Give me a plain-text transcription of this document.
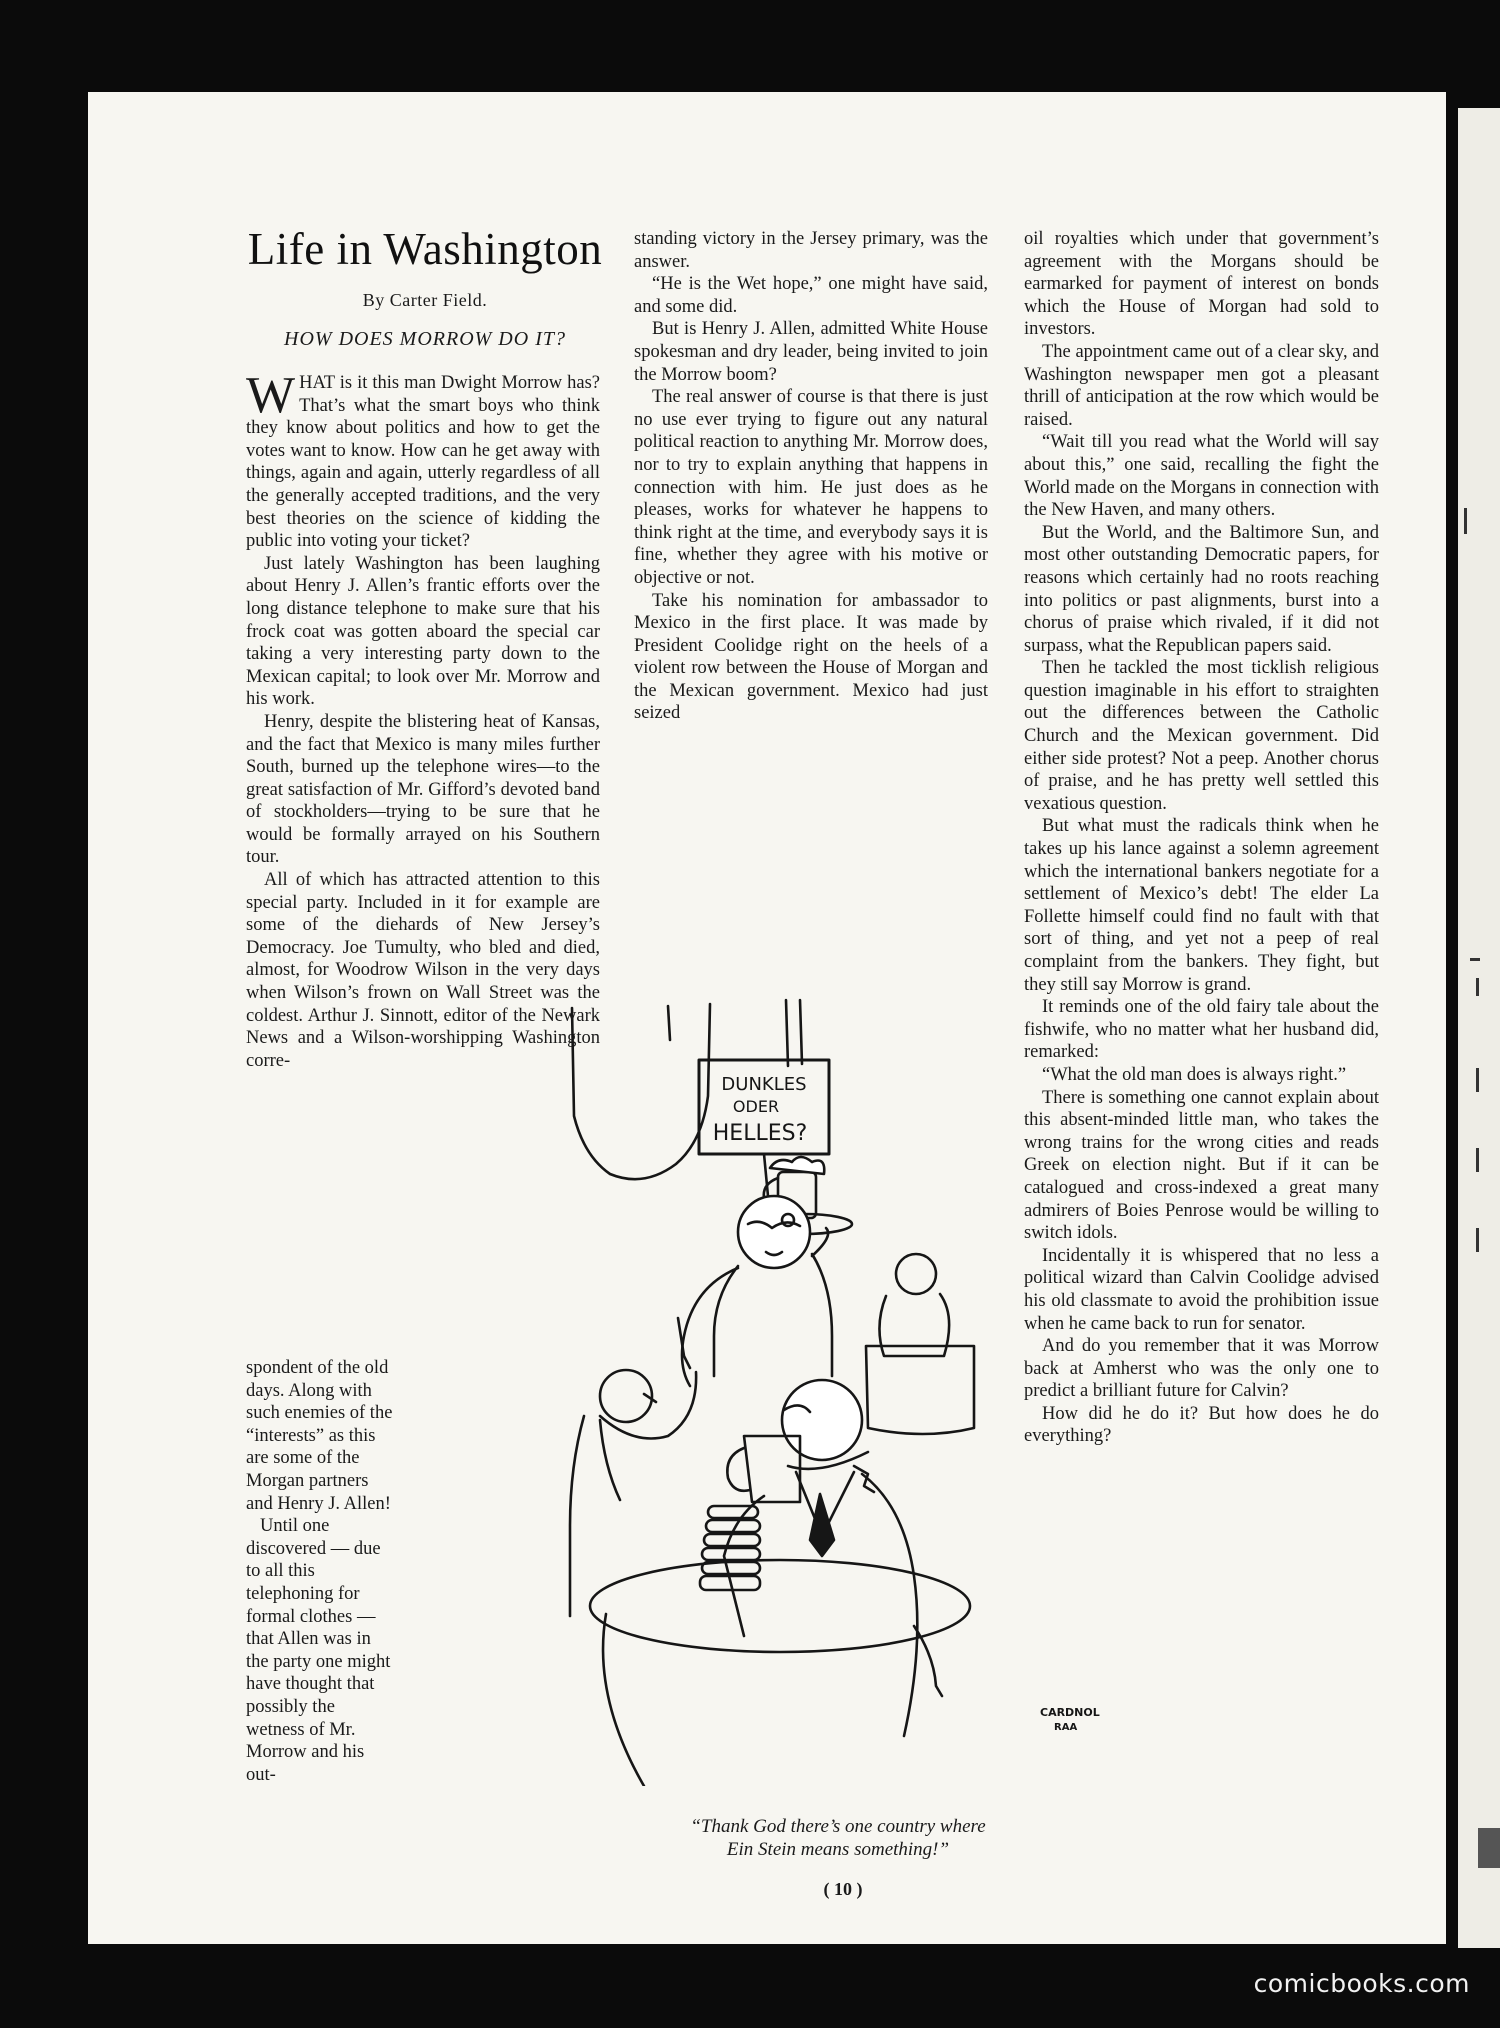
Life in Washington
By Carter Field.
HOW DOES MORROW DO IT?

WHAT is it this man Dwight Morrow has? That’s what the smart boys who think they know about politics and how to get the votes want to know. How can he get away with things, again and again, utterly regardless of all the generally accepted traditions, and the very best theories on the science of kidding the public into voting your ticket?

Just lately Washington has been laughing about Henry J. Allen’s frantic efforts over the long distance telephone to make sure that his frock coat was gotten aboard the special car taking a very interesting party down to the Mexican capital; to look over Mr. Morrow and his work.

Henry, despite the blistering heat of Kansas, and the fact that Mexico is many miles further South, burned up the telephone wires—to the great satisfaction of Mr. Gifford’s devoted band of stockholders—trying to be sure that he would be formally arrayed on his Southern tour.

All of which has attracted attention to this special party. Included in it for example are some of the diehards of New Jersey’s Democracy. Joe Tumulty, who bled and died, almost, for Woodrow Wilson in the very days when Wilson’s frown on Wall Street was the coldest. Arthur J. Sinnott, editor of the Newark News and a Wilson-worshipping Washington corre-

spondent of the old days. Along with such enemies of the “interests” as this are some of the Morgan partners and Henry J. Allen!

Until one discovered — due to all this telephoning for formal clothes —that Allen was in the party one might have thought that possibly the wetness of Mr. Morrow and his out-

standing victory in the Jersey primary, was the answer.

“He is the Wet hope,” one might have said, and some did.

But is Henry J. Allen, admitted White House spokesman and dry leader, being invited to join the Morrow boom?

The real answer of course is that there is just no use ever trying to figure out any natural political reaction to anything Mr. Morrow does, nor to try to explain anything that happens in connection with him. He just does as he pleases, works for whatever he happens to think right at the time, and everybody says it is fine, whether they agree with his motive or objective or not.

Take his nomination for ambassador to Mexico in the first place. It was made by President Coolidge right on the heels of a violent row between the House of Morgan and the Mexican government. Mexico had just seized

oil royalties which under that government’s agreement with the Morgans should be earmarked for payment of interest on bonds which the House of Morgan had sold to investors.

The appointment came out of a clear sky, and Washington newspaper men got a pleasant thrill of anticipation at the row which would be raised.

“Wait till you read what the World will say about this,” one said, recalling the fight the World made on the Morgans in connection with the New Haven, and many others.

But the World, and the Baltimore Sun, and most other outstanding Democratic papers, for reasons which certainly had no roots reaching into politics or past alignments, burst into a chorus of praise which rivaled, if it did not surpass, what the Republican papers said.

Then he tackled the most ticklish religious question imaginable in his effort to straighten out the differences between the Catholic Church and the Mexican government. Did either side protest? Not a peep. Another chorus of praise, and he has pretty well settled this vexatious question.

But what must the radicals think when he takes up his lance against a solemn agreement which the international bankers negotiate for a settlement of Mexico’s debt! The elder La Follette himself could find no fault with that sort of thing, and yet not a peep of real complaint from the bankers. They fight, but they still say Morrow is grand.

It reminds one of the old fairy tale about the fishwife, who no matter what her husband did, remarked:

“What the old man does is always right.”

There is something one cannot explain about this absent-minded little man, who takes the wrong trains for the wrong cities and reads Greek on election night. But if it can be catalogued and cross-indexed a great many admirers of Boies Penrose would be willing to switch idols.

Incidentally it is whispered that no less a political wizard than Calvin Coolidge advised his old classmate to avoid the prohibition issue when he came back to run for senator.

And do you remember that it was Morrow back at Amherst who was the only one to predict a brilliant future for Calvin?

How did he do it? But how does he do everything?

DUNKLES
ODER
HELLES?
CARDNOL
RAA
“Thank God there’s one country where
Ein Stein means something!”
( 10 )
comicbooks.com
